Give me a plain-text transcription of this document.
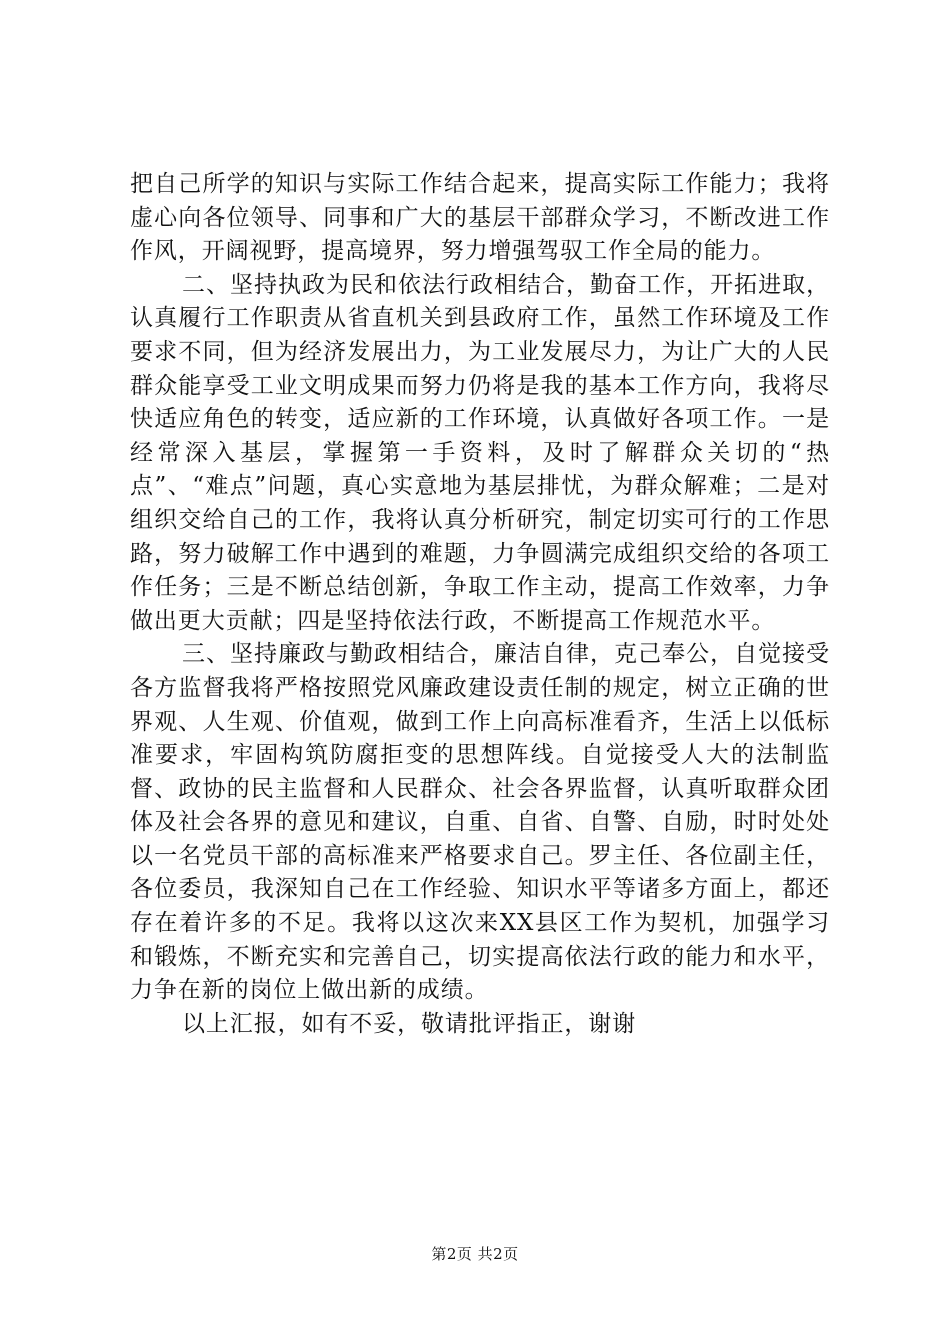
把自己所学的知识与实际工作结合起来，提高实际工作能力；我将虚心向各位领导、同事和广大的基层干部群众学习，不断改进工作作风，开阔视野，提高境界，努力增强驾驭工作全局的能力。

二、坚持执政为民和依法行政相结合，勤奋工作，开拓进取，认真履行工作职责从省直机关到县政府工作，虽然工作环境及工作要求不同，但为经济发展出力，为工业发展尽力，为让广大的人民群众能享受工业文明成果而努力仍将是我的基本工作方向，我将尽快适应角色的转变，适应新的工作环境，认真做好各项工作。一是经常深入基层，掌握第一手资料，及时了解群众关切的“热点”、“难点”问题，真心实意地为基层排忧，为群众解难；二是对组织交给自己的工作，我将认真分析研究，制定切实可行的工作思路，努力破解工作中遇到的难题，力争圆满完成组织交给的各项工作任务；三是不断总结创新，争取工作主动，提高工作效率，力争做出更大贡献；四是坚持依法行政，不断提高工作规范水平。

三、坚持廉政与勤政相结合，廉洁自律，克己奉公，自觉接受各方监督我将严格按照党风廉政建设责任制的规定，树立正确的世界观、人生观、价值观，做到工作上向高标准看齐，生活上以低标准要求，牢固构筑防腐拒变的思想阵线。自觉接受人大的法制监督、政协的民主监督和人民群众、社会各界监督，认真听取群众团体及社会各界的意见和建议，自重、自省、自警、自励，时时处处以一名党员干部的高标准来严格要求自己。罗主任、各位副主任，各位委员，我深知自己在工作经验、知识水平等诸多方面上，都还存在着许多的不足。我将以这次来XX县区工作为契机，加强学习和锻炼，不断充实和完善自己，切实提高依法行政的能力和水平，力争在新的岗位上做出新的成绩。

以上汇报，如有不妥，敬请批评指正，谢谢

第2页 共2页
